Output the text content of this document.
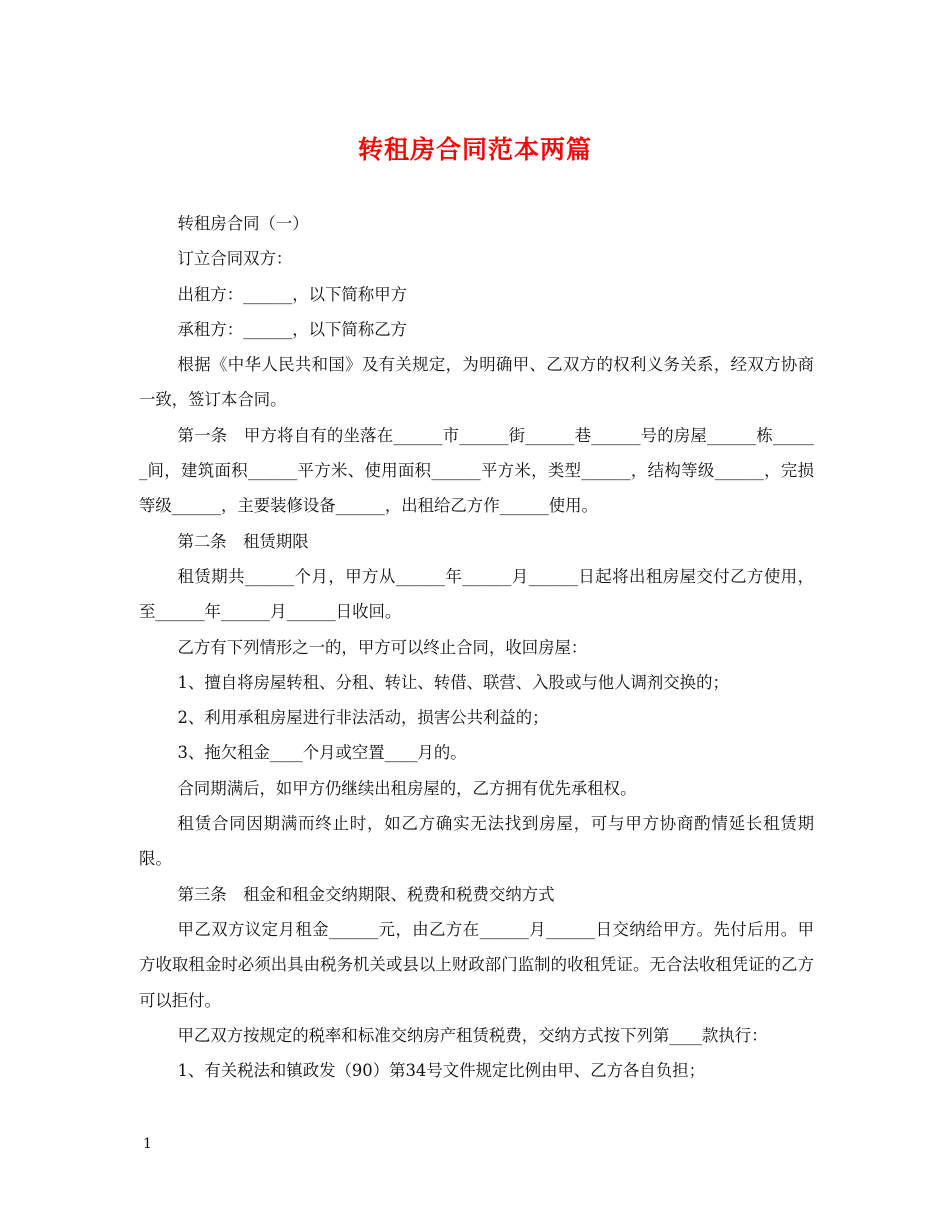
转租房合同范本两篇

转租房合同（一）

订立合同双方：

出租方：______，以下简称甲方

承租方：______，以下简称乙方

根据《中华人民共和国》及有关规定，为明确甲、乙双方的权利义务关系，经双方协商一致，签订本合同。

第一条　甲方将自有的坐落在______市______街______巷______号的房屋______栋______间，建筑面积______平方米、使用面积______平方米，类型______，结构等级______，完损等级______，主要装修设备______，出租给乙方作______使用。

第二条　租赁期限

租赁期共______个月，甲方从______年______月______日起将出租房屋交付乙方使用，至______年______月______日收回。

乙方有下列情形之一的，甲方可以终止合同，收回房屋：

1、擅自将房屋转租、分租、转让、转借、联营、入股或与他人调剂交换的；

2、利用承租房屋进行非法活动，损害公共利益的；

3、拖欠租金____个月或空置____月的。

合同期满后，如甲方仍继续出租房屋的，乙方拥有优先承租权。

租赁合同因期满而终止时，如乙方确实无法找到房屋，可与甲方协商酌情延长租赁期限。

第三条　租金和租金交纳期限、税费和税费交纳方式

甲乙双方议定月租金______元，由乙方在______月______日交纳给甲方。先付后用。甲方收取租金时必须出具由税务机关或县以上财政部门监制的收租凭证。无合法收租凭证的乙方可以拒付。

甲乙双方按规定的税率和标准交纳房产租赁税费，交纳方式按下列第____款执行：

1、有关税法和镇政发（90）第34号文件规定比例由甲、乙方各自负担；

1
